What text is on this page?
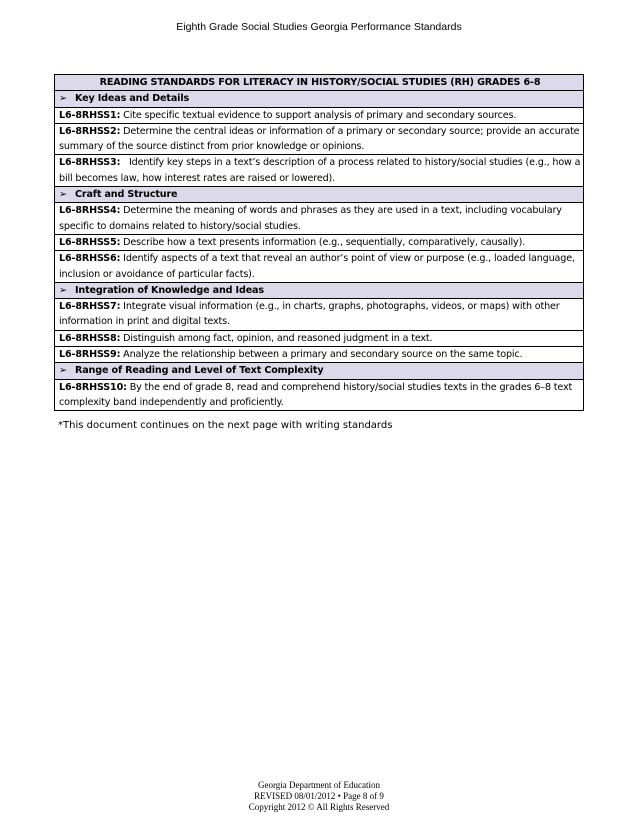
Eighth Grade Social Studies Georgia Performance Standards
READING STANDARDS FOR LITERACY IN HISTORY/SOCIAL STUDIES (RH) GRADES 6-8
➢ Key Ideas and Details
L6-8RHSS1: Cite specific textual evidence to support analysis of primary and secondary sources.
L6-8RHSS2: Determine the central ideas or information of a primary or secondary source; provide an accurate summary of the source distinct from prior knowledge or opinions.
L6-8RHSS3:   Identify key steps in a text’s description of a process related to history/social studies (e.g., how a bill becomes law, how interest rates are raised or lowered).
➢ Craft and Structure
L6-8RHSS4: Determine the meaning of words and phrases as they are used in a text, including vocabulary specific to domains related to history/social studies.
L6-8RHSS5: Describe how a text presents information (e.g., sequentially, comparatively, causally).
L6-8RHSS6: Identify aspects of a text that reveal an author’s point of view or purpose (e.g., loaded language, inclusion or avoidance of particular facts).
➢ Integration of Knowledge and Ideas
L6-8RHSS7: Integrate visual information (e.g., in charts, graphs, photographs, videos, or maps) with other information in print and digital texts.
L6-8RHSS8: Distinguish among fact, opinion, and reasoned judgment in a text.
L6-8RHSS9: Analyze the relationship between a primary and secondary source on the same topic.
➢ Range of Reading and Level of Text Complexity
L6-8RHSS10: By the end of grade 8, read and comprehend history/social studies texts in the grades 6–8 text complexity band independently and proficiently.
*This document continues on the next page with writing standards
Georgia Department of Education
REVISED 08/01/2012 • Page 8 of 9
Copyright 2012 © All Rights Reserved
